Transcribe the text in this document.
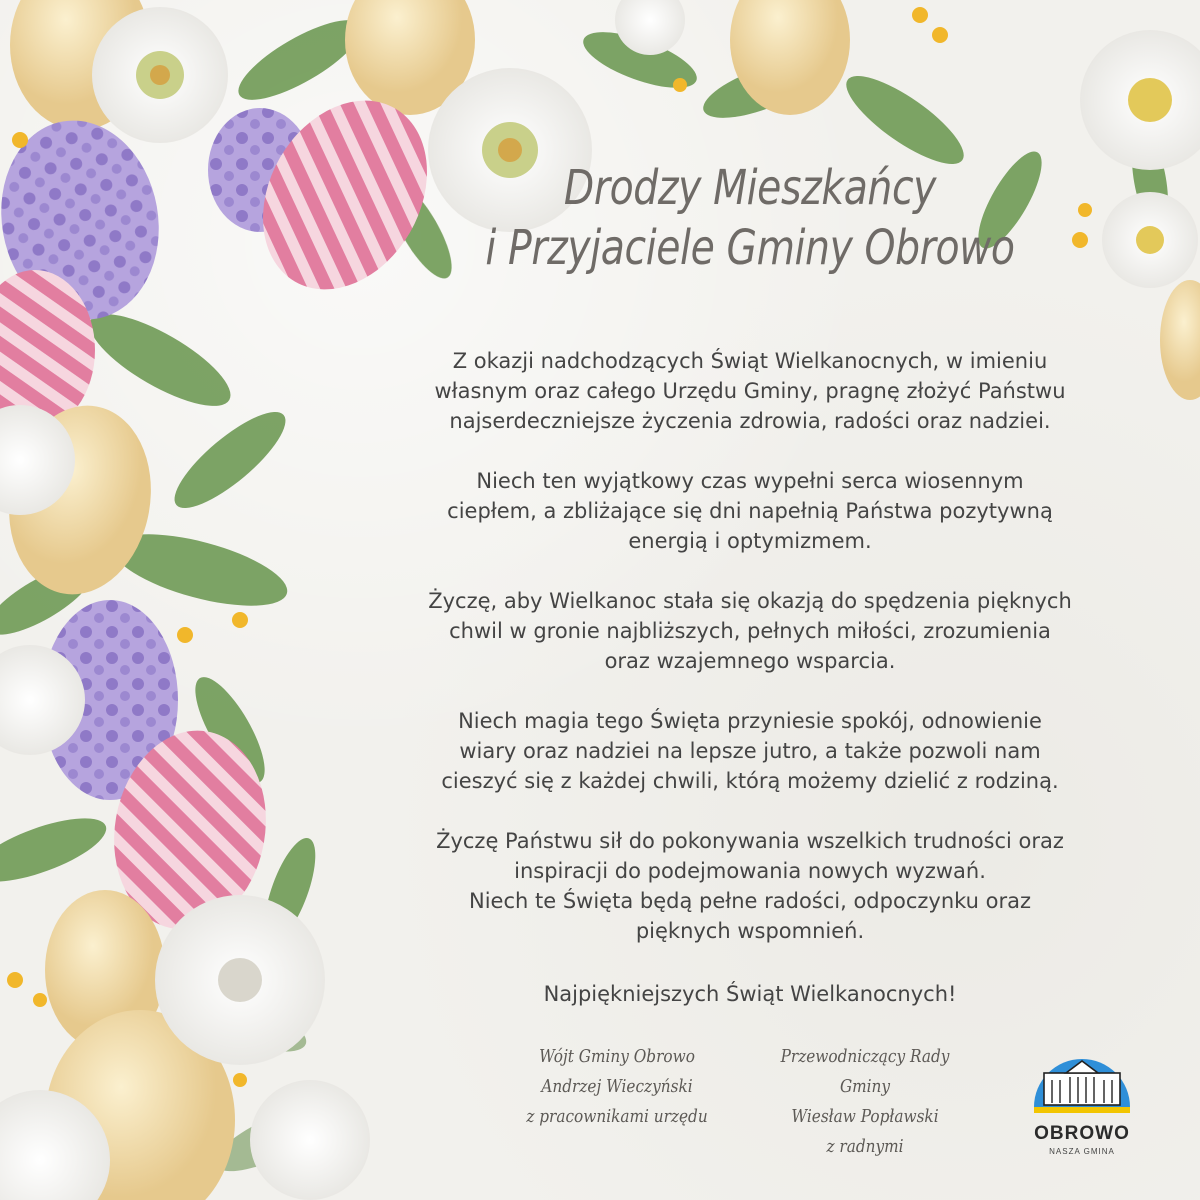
Drodzy Mieszkańcy
i Przyjaciele Gminy Obrowo
Z okazji nadchodzących Świąt Wielkanocnych, w imieniu
własnym oraz całego Urzędu Gminy, pragnę złożyć Państwu
najserdeczniejsze życzenia zdrowia, radości oraz nadziei.
Niech ten wyjątkowy czas wypełni serca wiosennym
ciepłem, a zbliżające się dni napełnią Państwa pozytywną
energią i optymizmem.
Życzę, aby Wielkanoc stała się okazją do spędzenia pięknych
chwil w gronie najbliższych, pełnych miłości, zrozumienia
oraz wzajemnego wsparcia.
Niech magia tego Święta przyniesie spokój, odnowienie
wiary oraz nadziei na lepsze jutro, a także pozwoli nam
cieszyć się z każdej chwili, którą możemy dzielić z rodziną.
Życzę Państwu sił do pokonywania wszelkich trudności oraz
inspiracji do podejmowania nowych wyzwań.
Niech te Święta będą pełne radości, odpoczynku oraz
pięknych wspomnień.
Najpiękniejszych Świąt Wielkanocnych!
Wójt Gminy Obrowo
Andrzej Wieczyński
z pracownikami urzędu
Przewodniczący Rady Gminy
Wiesław Popławski
z radnymi
OBROWO
NASZA GMINA
